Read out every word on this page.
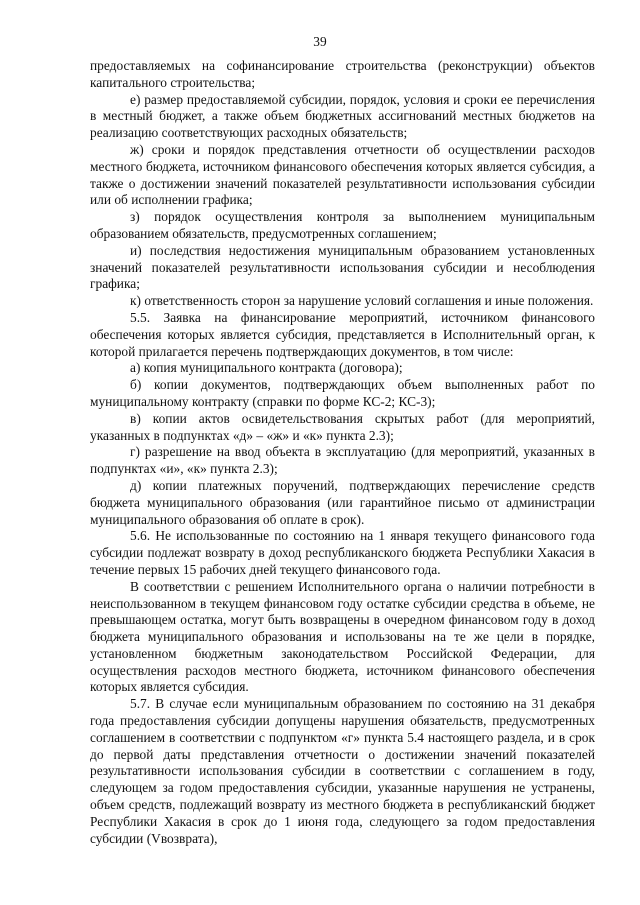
39

предоставляемых на софинансирование строительства (реконструкции) объектов капитального строительства;

е) размер предоставляемой субсидии, порядок, условия и сроки ее перечисления в местный бюджет, а также объем бюджетных ассигнований местных бюджетов на реализацию соответствующих расходных обязательств;

ж) сроки и порядок представления отчетности об осуществлении расходов местного бюджета, источником финансового обеспечения которых является субсидия, а также о достижении значений показателей результативности использования субсидии или об исполнении графика;

з) порядок осуществления контроля за выполнением муниципальным образованием обязательств, предусмотренных соглашением;

и) последствия недостижения муниципальным образованием установленных значений показателей результативности использования субсидии и несоблюдения графика;

к) ответственность сторон за нарушение условий соглашения и иные положения.

5.5. Заявка на финансирование мероприятий, источником финансового обеспечения которых является субсидия, представляется в Исполнительный орган, к которой прилагается перечень подтверждающих документов, в том числе:

а) копия муниципального контракта (договора);

б) копии документов, подтверждающих объем выполненных работ по муниципальному контракту (справки по форме КС-2; КС-3);

в) копии актов освидетельствования скрытых работ (для мероприятий, указанных в подпунктах «д» – «ж» и «к» пункта 2.3);

г) разрешение на ввод объекта в эксплуатацию (для мероприятий, указанных в подпунктах «и», «к» пункта 2.3);

д) копии платежных поручений, подтверждающих перечисление средств бюджета муниципального образования (или гарантийное письмо от администрации муниципального образования об оплате в срок).

5.6. Не использованные по состоянию на 1 января текущего финансового года субсидии подлежат возврату в доход республиканского бюджета Республики Хакасия в течение первых 15 рабочих дней текущего финансового года.

В соответствии с решением Исполнительного органа о наличии потребности в неиспользованном в текущем финансовом году остатке субсидии средства в объеме, не превышающем остатка, могут быть возвращены в очередном финансовом году в доход бюджета муниципального образования и использованы на те же цели в порядке, установленном бюджетным законодательством Российской Федерации, для осуществления расходов местного бюджета, источником финансового обеспечения которых является субсидия.

5.7. В случае если муниципальным образованием по состоянию на 31 декабря года предоставления субсидии допущены нарушения обязательств, предусмотренных соглашением в соответствии с подпунктом «г» пункта 5.4 настоящего раздела, и в срок до первой даты представления отчетности о достижении значений показателей результативности использования субсидии в соответствии с соглашением в году, следующем за годом предоставления субсидии, указанные нарушения не устранены, объем средств, подлежащий возврату из местного бюджета в республиканский бюджет Республики Хакасия в срок до 1 июня года, следующего за годом предоставления субсидии (Vвозврата),
